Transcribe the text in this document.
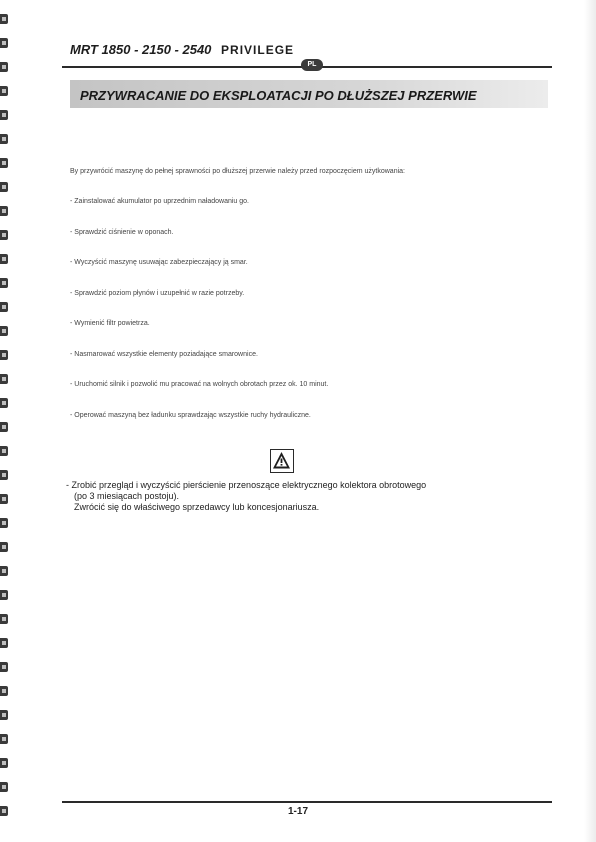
MRT 1850 - 2150 - 2540 PRIVILEGE
PL
PRZYWRACANIE DO EKSPLOATACJI PO DŁUŻSZEJ PRZERWIE
By przywrócić maszynę do pełnej sprawności po dłuższej przerwie należy przed rozpoczęciem użytkowania:
- Zainstalować akumulator po uprzednim naładowaniu go.
- Sprawdzić ciśnienie w oponach.
- Wyczyścić maszynę usuwając zabezpieczający ją smar.
- Sprawdzić poziom płynów i uzupełnić w razie potrzeby.
- Wymienić filtr powietrza.
- Nasmarować wszystkie elementy poziadające smarownice.
- Uruchomić silnik i pozwolić mu pracować na wolnych obrotach przez ok. 10 minut.
- Operować maszyną bez ładunku sprawdzając wszystkie ruchy hydrauliczne.

- Zrobić przegląd i wyczyścić pierścienie przenoszące elektrycznego kolektora obrotowego

(po 3 miesiącach postoju).

Zwrócić się do właściwego sprzedawcy lub koncesjonariusza.

1-17
